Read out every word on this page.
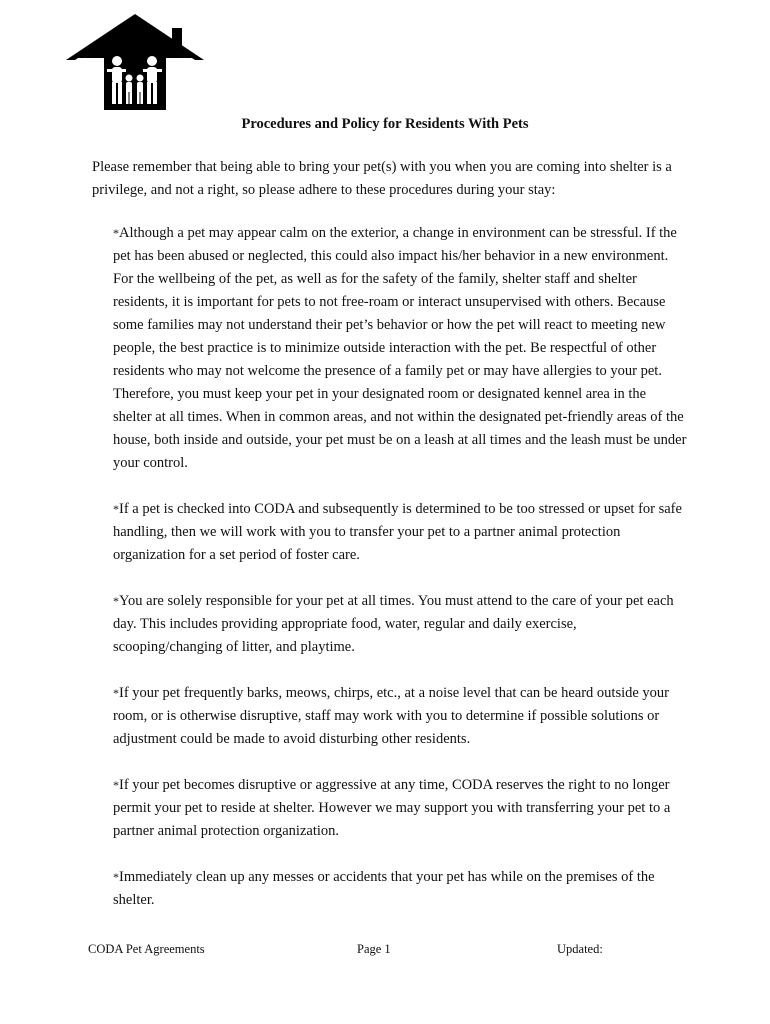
Procedures and Policy for Residents With Pets

Please remember that being able to bring your pet(s) with you when you are coming into shelter is a privilege, and not a right, so please adhere to these procedures during your stay:

*Although a pet may appear calm on the exterior, a change in environment can be stressful. If the pet has been abused or neglected, this could also impact his/her behavior in a new environment. For the wellbeing of the pet, as well as for the safety of the family, shelter staff and shelter residents, it is important for pets to not free-roam or interact unsupervised with others. Because some families may not understand their pet’s behavior or how the pet will react to meeting new people, the best practice is to minimize outside interaction with the pet. Be respectful of other residents who may not welcome the presence of a family pet or may have allergies to your pet. Therefore, you must keep your pet in your designated room or designated kennel area in the shelter at all times. When in common areas, and not within the designated pet-friendly areas of the house, both inside and outside, your pet must be on a leash at all times and the leash must be under your control.
*If a pet is checked into CODA and subsequently is determined to be too stressed or upset for safe handling, then we will work with you to transfer your pet to a partner animal protection organization for a set period of foster care.
*You are solely responsible for your pet at all times. You must attend to the care of your pet each day. This includes providing appropriate food, water, regular and daily exercise, scooping/changing of litter, and playtime.
*If your pet frequently barks, meows, chirps, etc., at a noise level that can be heard outside your room, or is otherwise disruptive, staff may work with you to determine if possible solutions or adjustment could be made to avoid disturbing other residents.
*If your pet becomes disruptive or aggressive at any time, CODA reserves the right to no longer permit your pet to reside at shelter. However we may support you with transferring your pet to a partner animal protection organization.
*Immediately clean up any messes or accidents that your pet has while on the premises of the shelter.
CODA Pet Agreements	Page 1	Updated:
